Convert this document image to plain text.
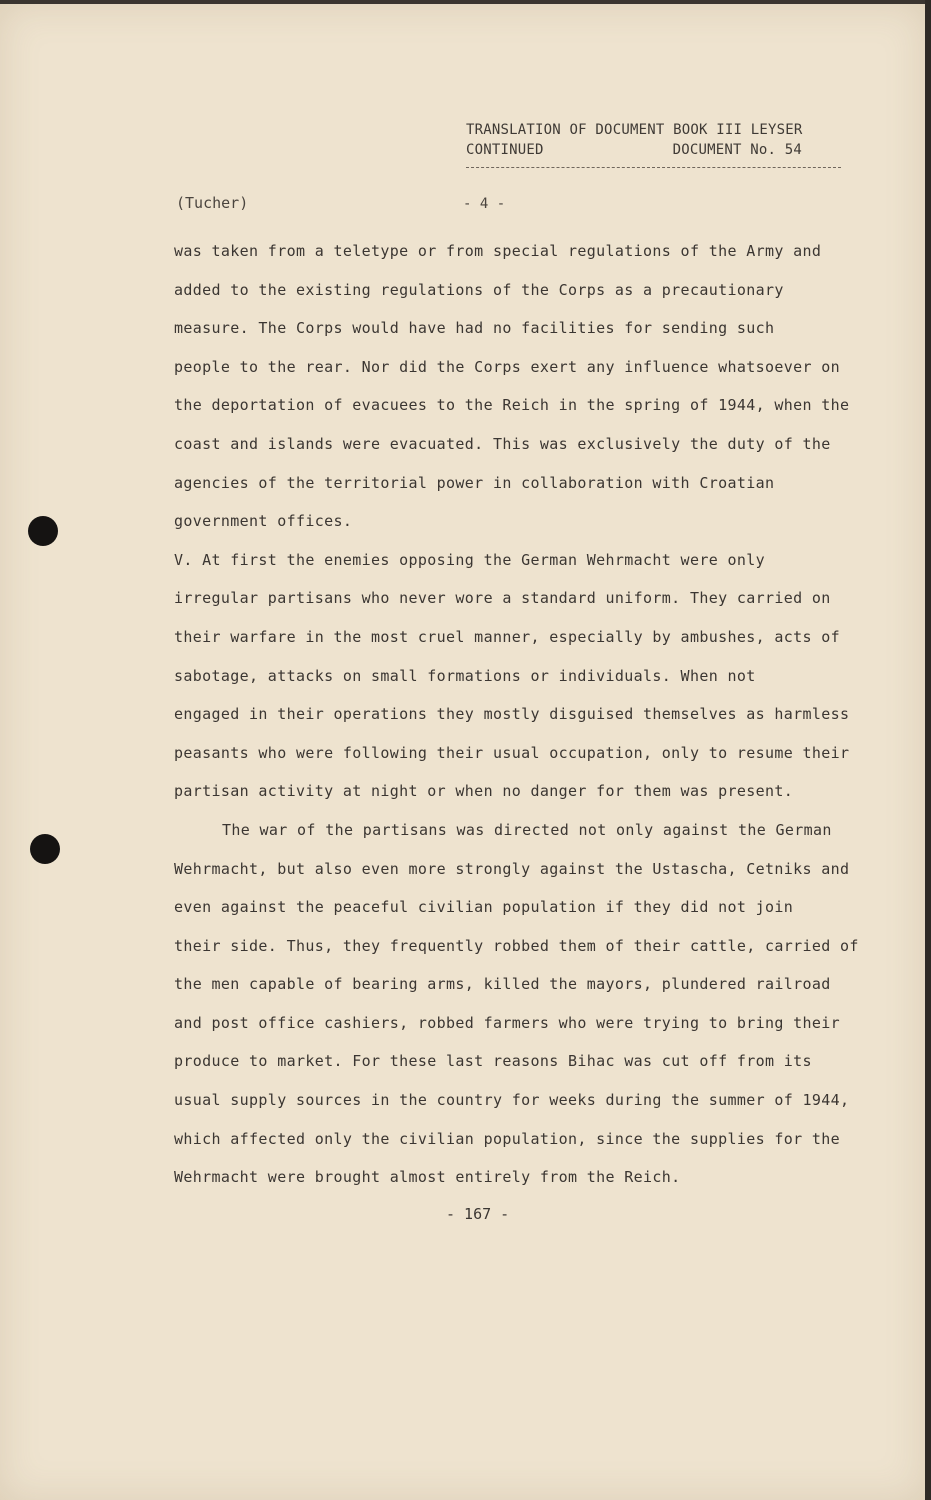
TRANSLATION OF DOCUMENT BOOK III LEYSER
CONTINUED	DOCUMENT No. 54
(Tucher)	- 4 -
was taken from a teletype or from special regulations of the Army and
added to the existing regulations of the Corps as a precautionary
measure. The Corps would have had no facilities for sending such
people to the rear. Nor did the Corps exert any influence whatsoever on
the deportation of evacuees to the Reich in the spring of 1944, when the
coast and islands were evacuated. This was exclusively the duty of the
agencies of the territorial power in collaboration with Croatian
government offices.
V. At first the enemies opposing the German Wehrmacht were only
irregular partisans who never wore a standard uniform. They carried on
their warfare in the most cruel manner, especially by ambushes, acts of
sabotage, attacks on small formations or individuals. When not
engaged in their operations they mostly disguised themselves as harmless
peasants who were following their usual occupation, only to resume their
partisan activity at night or when no danger for them was present.
The war of the partisans was directed not only against the German
Wehrmacht, but also even more strongly against the Ustascha, Cetniks and
even against the peaceful civilian population if they did not join
their side. Thus, they frequently robbed them of their cattle, carried of
the men capable of bearing arms, killed the mayors, plundered railroad
and post office cashiers, robbed farmers who were trying to bring their
produce to market. For these last reasons Bihac was cut off from its
usual supply sources in the country for weeks during the summer of 1944,
which affected only the civilian population, since the supplies for the
Wehrmacht were brought almost entirely from the Reich.
- 167 -
